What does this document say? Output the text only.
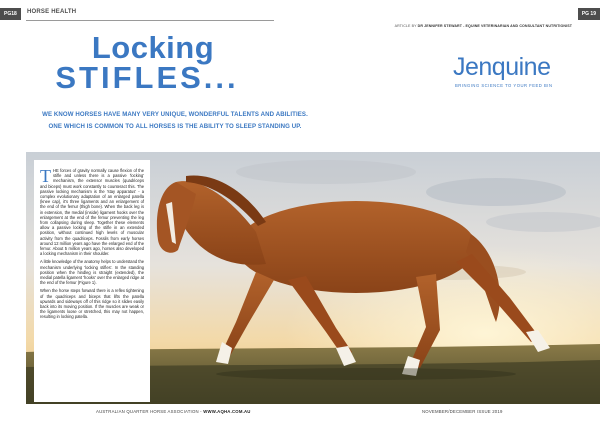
PG18	HORSE HEALTH	PG 19
ARTICLE BY DR JENNIFER STEWART - EQUINE VETERINARIAN AND CONSULTANT NUTRITIONIST
Locking
STIFLES...	Jenquine
BRINGING SCIENCE TO YOUR FEED BIN
WE KNOW HORSES HAVE MANY VERY UNIQUE, WONDERFUL TALENTS AND ABILITIES. ONE WHICH IS COMMON TO ALL HORSES IS THE ABILITY TO SLEEP STANDING UP.

THE forces of gravity normally cause flexion of the stifle and unless there is a passive 'locking' mechanism, the extensor muscles (quadriceps and biceps) must work constantly to counteract this. The passive locking mechanism is the 'stay apparatus' - a complex evolutionary adaptation of an enlarged patella (knee cap), it's three ligaments and an enlargement of the end of the femur (thigh bone). When the back leg is in extension, the medial (inside) ligament hooks over the enlargement at the end of the femur preventing the leg from collapsing during sleep. Together these elements allow a passive locking of the stifle in an extended position, without continued high levels of muscular activity from the quadriceps. Fossils from early horses around 12 million years ago have the enlarged end of the femur. About 5 million years ago, horses also developed a locking mechanism in their shoulder.

A little knowledge of the anatomy helps to understand the mechanism underlying 'locking stifles'. In the standing position when the hindleg is straight (extended), the medial patella ligament 'hooks' over the enlarged ridge at the end of the femur (Figure 1).

When the horse steps forward there is a reflex tightening of the quadriceps and biceps that lifts the patella upwards and sideways off of this ridge so it slides easily back into its moving position. If the muscles are weak or the ligaments loose or stretched, this may not happen, resulting in locking patella.

AUSTRALIAN QUARTER HORSE ASSOCIATION - WWW.AQHA.COM.AU	NOVEMBER/DECEMBER ISSUE 2019
